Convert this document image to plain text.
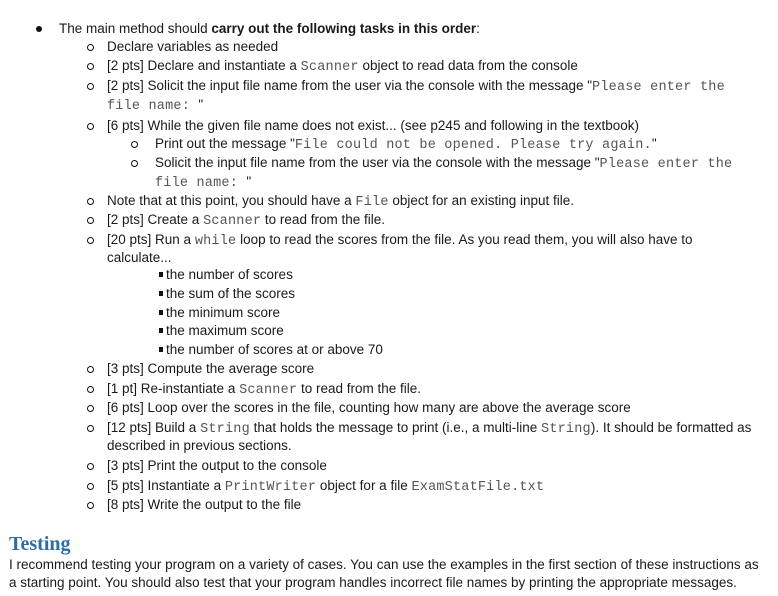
The main method should carry out the following tasks in this order:
Declare variables as needed
[2 pts] Declare and instantiate a Scanner object to read data from the console
[2 pts] Solicit the input file name from the user via the console with the message "Please enter the
file name: "
[6 pts] While the given file name does not exist... (see p245 and following in the textbook)
Print out the message "File could not be opened. Please try again."
Solicit the input file name from the user via the console with the message "Please enter the
file name: "
Note that at this point, you should have a File object for an existing input file.
[2 pts] Create a Scanner to read from the file.
[20 pts] Run a while loop to read the scores from the file. As you read them, you will also have to
calculate...
the number of scores
the sum of the scores
the minimum score
the maximum score
the number of scores at or above 70
[3 pts] Compute the average score
[1 pt] Re-instantiate a Scanner to read from the file.
[6 pts] Loop over the scores in the file, counting how many are above the average score
[12 pts] Build a String that holds the message to print (i.e., a multi-line String). It should be formatted as
described in previous sections.
[3 pts] Print the output to the console
[5 pts] Instantiate a PrintWriter object for a file ExamStatFile.txt
[8 pts] Write the output to the file
Testing
I recommend testing your program on a variety of cases. You can use the examples in the first section of these instructions as
a starting point. You should also test that your program handles incorrect file names by printing the appropriate messages.
